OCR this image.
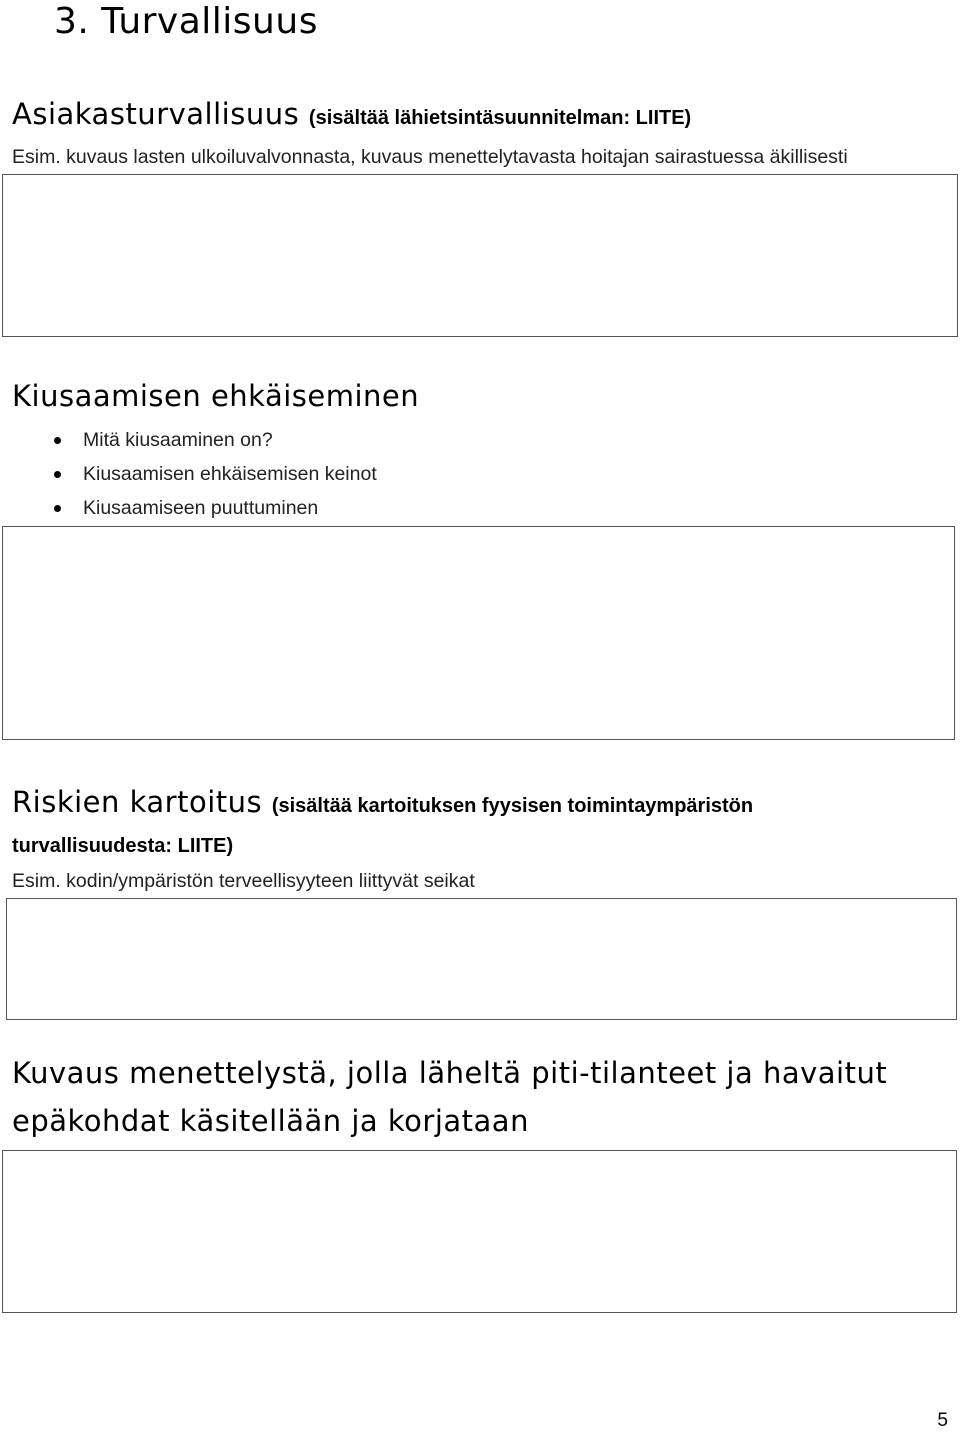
3. Turvallisuus
Asiakasturvallisuus (sisältää lähietsintäsuunnitelman: LIITE)
Esim. kuvaus lasten ulkoiluvalvonnasta, kuvaus menettelytavasta hoitajan sairastuessa äkillisesti
Kiusaamisen ehkäiseminen
Mitä kiusaaminen on?
Kiusaamisen ehkäisemisen keinot
Kiusaamiseen puuttuminen
Riskien kartoitus (sisältää kartoituksen fyysisen toimintaympäristön
turvallisuudesta: LIITE)
Esim. kodin/ympäristön terveellisyyteen liittyvät seikat
Kuvaus menettelystä, jolla läheltä piti-tilanteet ja havaitut
epäkohdat käsitellään ja korjataan
5
